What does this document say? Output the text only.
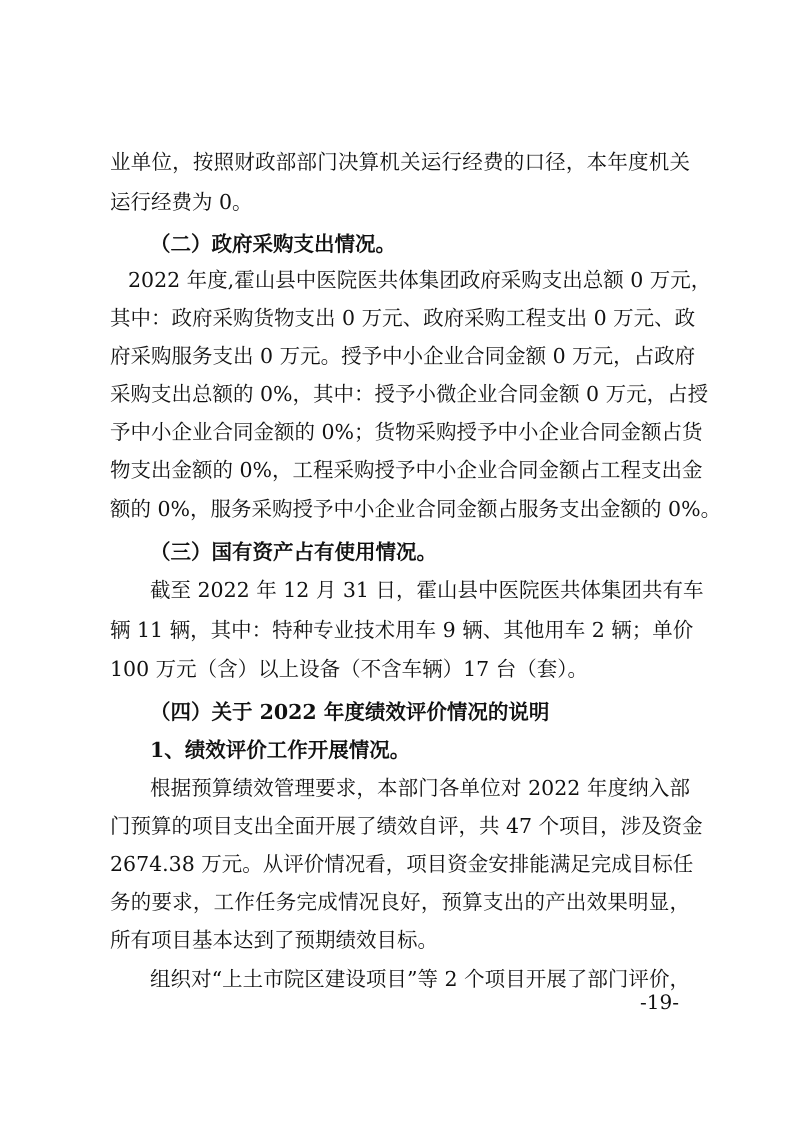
业单位，按照财政部部门决算机关运行经费的口径，本年度机关
运行经费为 0。
（二）政府采购支出情况。
2022 年度,霍山县中医院医共体集团政府采购支出总额 0 万元，
其中：政府采购货物支出 0 万元、政府采购工程支出 0 万元、政
府采购服务支出 0 万元。授予中小企业合同金额 0 万元，占政府
采购支出总额的 0%，其中：授予小微企业合同金额 0 万元，占授
予中小企业合同金额的 0%；货物采购授予中小企业合同金额占货
物支出金额的 0%，工程采购授予中小企业合同金额占工程支出金
额的 0%，服务采购授予中小企业合同金额占服务支出金额的 0%。
（三）国有资产占有使用情况。
截至 2022 年 12 月 31 日，霍山县中医院医共体集团共有车
辆 11 辆，其中：特种专业技术用车 9 辆、其他用车 2 辆；单价
100 万元（含）以上设备（不含车辆）17 台（套）。
（四）关于 2022 年度绩效评价情况的说明
1、绩效评价工作开展情况。
根据预算绩效管理要求，本部门各单位对 2022 年度纳入部
门预算的项目支出全面开展了绩效自评，共 47 个项目，涉及资金
2674.38 万元。从评价情况看，项目资金安排能满足完成目标任
务的要求，工作任务完成情况良好，预算支出的产出效果明显，
所有项目基本达到了预期绩效目标。
组织对“上土市院区建设项目”等 2 个项目开展了部门评价，
-19-
